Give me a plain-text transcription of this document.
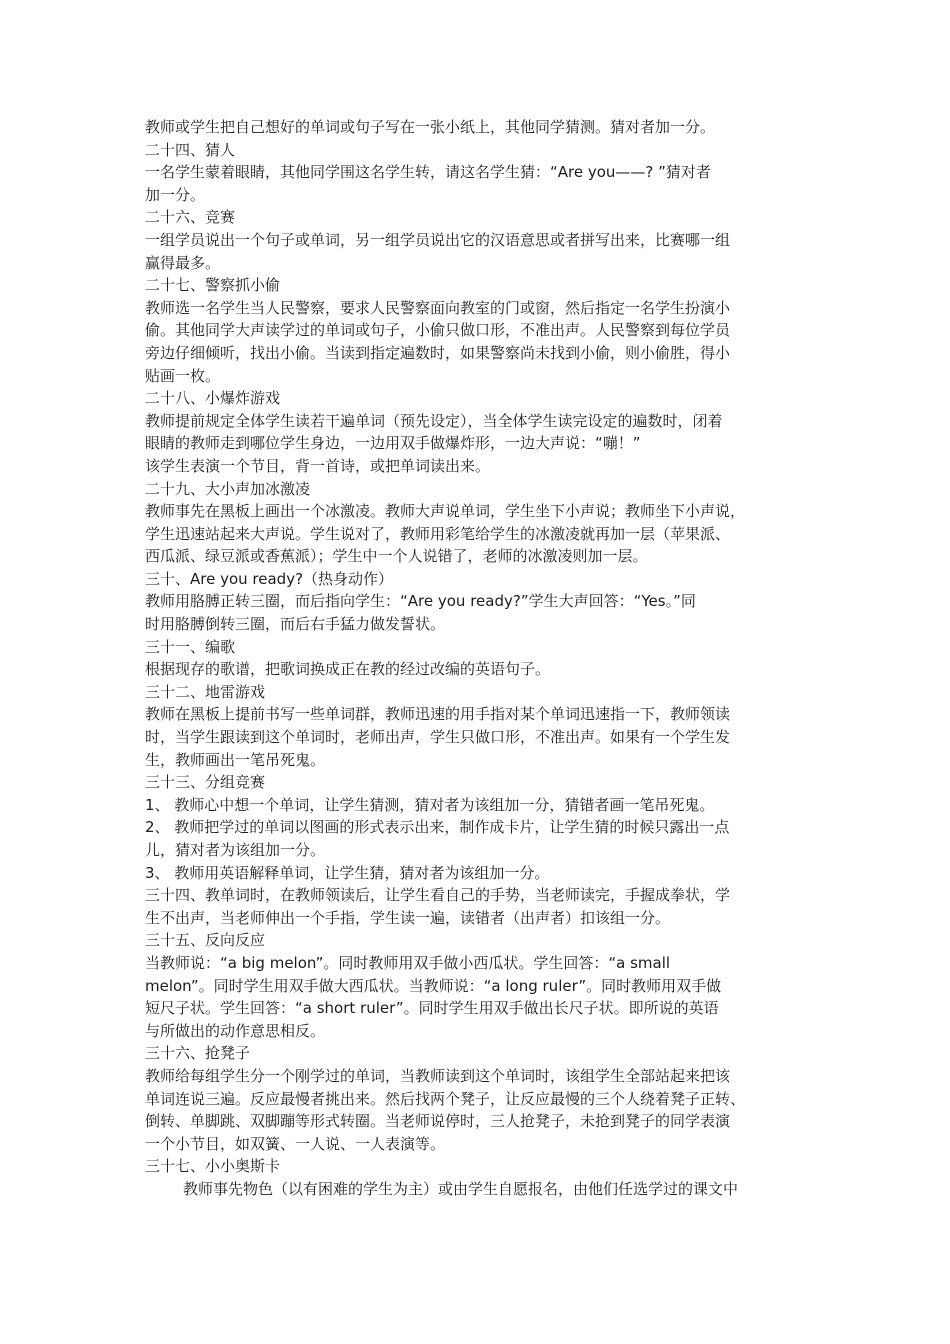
教师或学生把自己想好的单词或句子写在一张小纸上，其他同学猜测。猜对者加一分。
二十四、猜人
一名学生蒙着眼睛，其他同学围这名学生转，请这名学生猜：“Are you——? ”猜对者
加一分。
二十六、竞赛
一组学员说出一个句子或单词，另一组学员说出它的汉语意思或者拼写出来，比赛哪一组
赢得最多。
二十七、警察抓小偷
教师选一名学生当人民警察，要求人民警察面向教室的门或窗，然后指定一名学生扮演小
偷。其他同学大声读学过的单词或句子，小偷只做口形，不准出声。人民警察到每位学员
旁边仔细倾听，找出小偷。当读到指定遍数时，如果警察尚未找到小偷，则小偷胜，得小
贴画一枚。
二十八、小爆炸游戏
教师提前规定全体学生读若干遍单词（预先设定），当全体学生读完设定的遍数时，闭着
眼睛的教师走到哪位学生身边，一边用双手做爆炸形，一边大声说：“嘣！”
该学生表演一个节目，背一首诗，或把单词读出来。
二十九、大小声加冰激凌
教师事先在黑板上画出一个冰激凌。教师大声说单词，学生坐下小声说；教师坐下小声说，
学生迅速站起来大声说。学生说对了，教师用彩笔给学生的冰激凌就再加一层（苹果派、
西瓜派、绿豆派或香蕉派）；学生中一个人说错了，老师的冰激凌则加一层。
三十、Are you ready?（热身动作）
教师用胳膊正转三圈，而后指向学生：“Are you ready?”学生大声回答：“Yes。”同
时用胳膊倒转三圈，而后右手猛力做发誓状。
三十一、编歌
根据现存的歌谱，把歌词换成正在教的经过改编的英语句子。
三十二、地雷游戏
教师在黑板上提前书写一些单词群，教师迅速的用手指对某个单词迅速指一下，教师领读
时，当学生跟读到这个单词时，老师出声，学生只做口形，不准出声。如果有一个学生发
生，教师画出一笔吊死鬼。
三十三、分组竞赛
1、 教师心中想一个单词，让学生猜测，猜对者为该组加一分，猜错者画一笔吊死鬼。
2、 教师把学过的单词以图画的形式表示出来，制作成卡片，让学生猜的时候只露出一点
儿，猜对者为该组加一分。
3、 教师用英语解释单词，让学生猜，猜对者为该组加一分。
三十四、教单词时，在教师领读后，让学生看自己的手势，当老师读完，手握成拳状，学
生不出声，当老师伸出一个手指，学生读一遍，读错者（出声者）扣该组一分。
三十五、反向反应
当教师说：“a big melon”。同时教师用双手做小西瓜状。学生回答：“a small
melon”。同时学生用双手做大西瓜状。当教师说：“a long ruler”。同时教师用双手做
短尺子状。学生回答：“a short ruler”。同时学生用双手做出长尺子状。即所说的英语
与所做出的动作意思相反。
三十六、抢凳子
教师给每组学生分一个刚学过的单词，当教师读到这个单词时，该组学生全部站起来把该
单词连说三遍。反应最慢者挑出来。然后找两个凳子，让反应最慢的三个人绕着凳子正转、
倒转、单脚跳、双脚蹦等形式转圈。当老师说停时，三人抢凳子，未抢到凳子的同学表演
一个小节目，如双簧、一人说、一人表演等。
三十七、小小奥斯卡
教师事先物色（以有困难的学生为主）或由学生自愿报名，由他们任选学过的课文中
